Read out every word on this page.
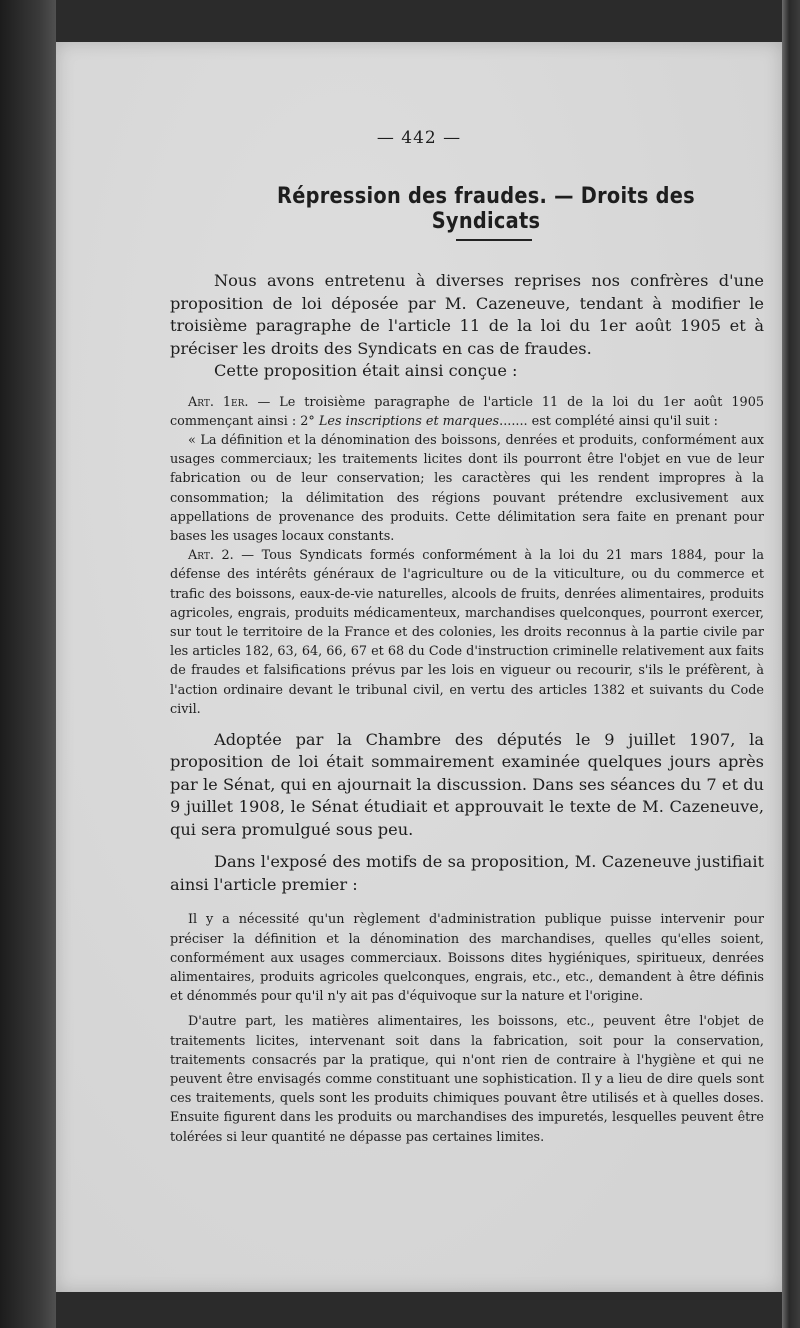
— 442 —
Répression des fraudes. — Droits des Syndicats

Nous avons entretenu à diverses reprises nos confrères d'une proposition de loi déposée par M. Cazeneuve, tendant à modifier le troisième paragraphe de l'article 11 de la loi du 1er août 1905 et à préciser les droits des Syndicats en cas de fraudes.

Cette proposition était ainsi conçue :

Art. 1er. — Le troisième paragraphe de l'article 11 de la loi du 1er août 1905 commençant ainsi : 2° Les inscriptions et marques....... est complété ainsi qu'il suit :

« La définition et la dénomination des boissons, denrées et produits, conformément aux usages commerciaux; les traitements licites dont ils pourront être l'objet en vue de leur fabrication ou de leur conservation; les caractères qui les rendent impropres à la consommation; la délimitation des régions pouvant prétendre exclusivement aux appellations de provenance des produits. Cette délimitation sera faite en prenant pour bases les usages locaux constants.

Art. 2. — Tous Syndicats formés conformément à la loi du 21 mars 1884, pour la défense des intérêts généraux de l'agriculture ou de la viticulture, ou du commerce et trafic des boissons, eaux-de-vie naturelles, alcools de fruits, denrées alimentaires, produits agricoles, engrais, produits médicamenteux, marchandises quelconques, pourront exercer, sur tout le territoire de la France et des colonies, les droits reconnus à la partie civile par les articles 182, 63, 64, 66, 67 et 68 du Code d'instruction criminelle relativement aux faits de fraudes et falsifications prévus par les lois en vigueur ou recourir, s'ils le préfèrent, à l'action ordinaire devant le tribunal civil, en vertu des articles 1382 et suivants du Code civil.

Adoptée par la Chambre des députés le 9 juillet 1907, la proposition de loi était sommairement examinée quelques jours après par le Sénat, qui en ajournait la discussion. Dans ses séances du 7 et du 9 juillet 1908, le Sénat étudiait et approuvait le texte de M. Cazeneuve, qui sera promulgué sous peu.

Dans l'exposé des motifs de sa proposition, M. Cazeneuve justifiait ainsi l'article premier :

Il y a nécessité qu'un règlement d'administration publique puisse intervenir pour préciser la définition et la dénomination des marchandises, quelles qu'elles soient, conformément aux usages commerciaux. Boissons dites hygiéniques, spiritueux, denrées alimentaires, produits agricoles quelconques, engrais, etc., etc., demandent à être définis et dénommés pour qu'il n'y ait pas d'équivoque sur la nature et l'origine.

D'autre part, les matières alimentaires, les boissons, etc., peuvent être l'objet de traitements licites, intervenant soit dans la fabrication, soit pour la conservation, traitements consacrés par la pratique, qui n'ont rien de contraire à l'hygiène et qui ne peuvent être envisagés comme constituant une sophistication. Il y a lieu de dire quels sont ces traitements, quels sont les produits chimiques pouvant être utilisés et à quelles doses. Ensuite figurent dans les produits ou marchandises des impuretés, lesquelles peuvent être tolérées si leur quantité ne dépasse pas certaines limites.
